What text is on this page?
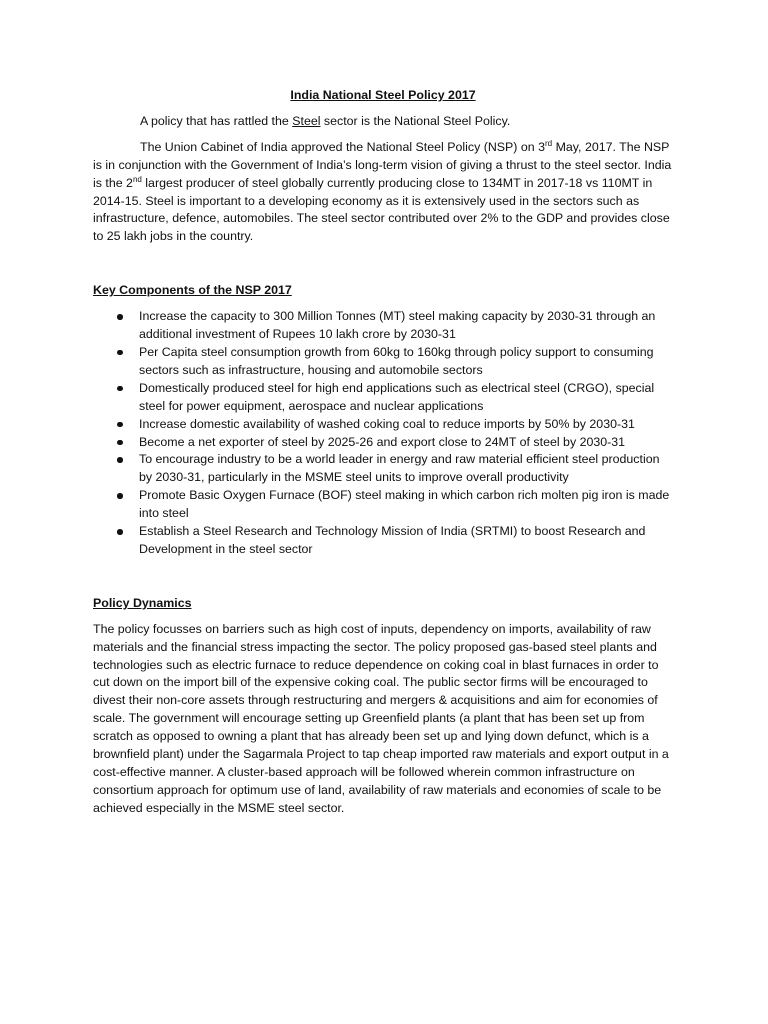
India National Steel Policy 2017

A policy that has rattled the Steel sector is the National Steel Policy.

The Union Cabinet of India approved the National Steel Policy (NSP) on 3rd May, 2017. The NSP is in conjunction with the Government of India’s long-term vision of giving a thrust to the steel sector. India is the 2nd largest producer of steel globally currently producing close to 134MT in 2017-18 vs 110MT in 2014-15. Steel is important to a developing economy as it is extensively used in the sectors such as infrastructure, defence, automobiles. The steel sector contributed over 2% to the GDP and provides close to 25 lakh jobs in the country.

Key Components of the NSP 2017

Increase the capacity to 300 Million Tonnes (MT) steel making capacity by 2030-31 through an additional investment of Rupees 10 lakh crore by 2030-31
Per Capita steel consumption growth from 60kg to 160kg through policy support to consuming sectors such as infrastructure, housing and automobile sectors
Domestically produced steel for high end applications such as electrical steel (CRGO), special steel for power equipment, aerospace and nuclear applications
Increase domestic availability of washed coking coal to reduce imports by 50% by 2030-31
Become a net exporter of steel by 2025-26 and export close to 24MT of steel by 2030-31
To encourage industry to be a world leader in energy and raw material efficient steel production by 2030-31, particularly in the MSME steel units to improve overall productivity
Promote Basic Oxygen Furnace (BOF) steel making in which carbon rich molten pig iron is made into steel
Establish a Steel Research and Technology Mission of India (SRTMI) to boost Research and Development in the steel sector

Policy Dynamics

The policy focusses on barriers such as high cost of inputs, dependency on imports, availability of raw materials and the financial stress impacting the sector. The policy proposed gas-based steel plants and technologies such as electric furnace to reduce dependence on coking coal in blast furnaces in order to cut down on the import bill of the expensive coking coal. The public sector firms will be encouraged to divest their non-core assets through restructuring and mergers & acquisitions and aim for economies of scale. The government will encourage setting up Greenfield plants (a plant that has been set up from scratch as opposed to owning a plant that has already been set up and lying down defunct, which is a brownfield plant) under the Sagarmala Project to tap cheap imported raw materials and export output in a cost-effective manner. A cluster-based approach will be followed wherein common infrastructure on consortium approach for optimum use of land, availability of raw materials and economies of scale to be achieved especially in the MSME steel sector.
